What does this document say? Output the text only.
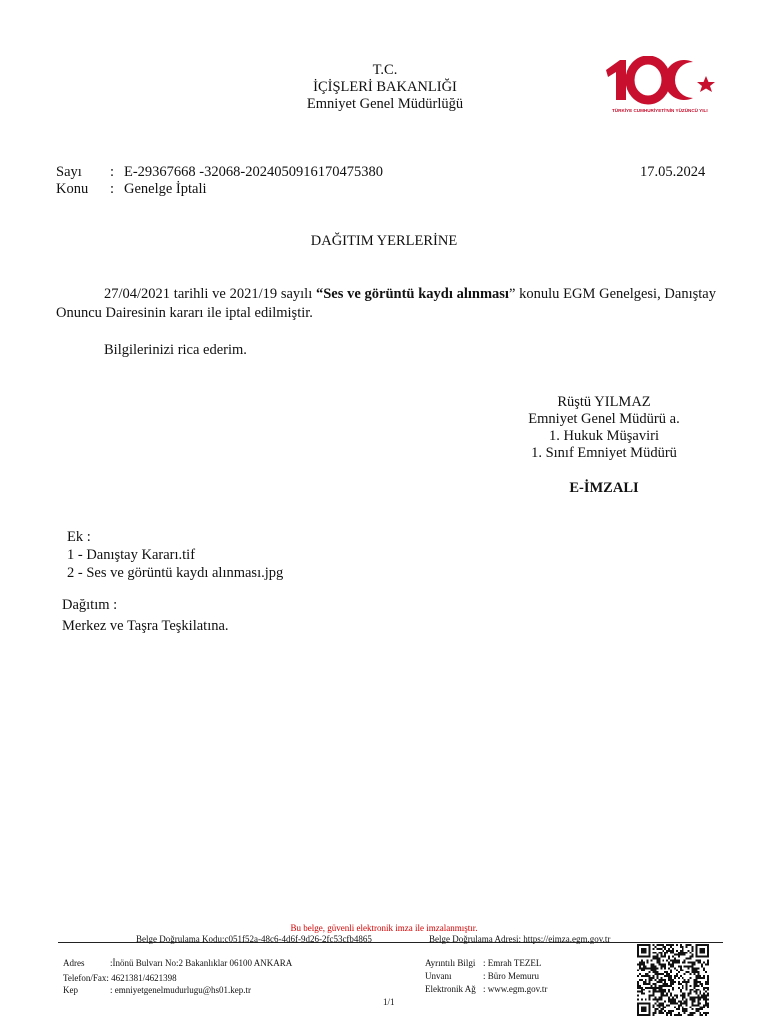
T.C.
İÇİŞLERİ BAKANLIĞI
Emniyet Genel Müdürlüğü	TÜRKİYE CUMHURİYETİ'NİN YÜZÜNCÜ YILI
Sayı	: E-29367668 -32068-2024050916170475380	17.05.2024
Konu	: Genelge İptali
DAĞITIM YERLERİNE
27/04/2021 tarihli ve 2021/19 sayılı “Ses ve görüntü kaydı alınması” konulu EGM Genelgesi, Danıştay Onuncu Dairesinin kararı ile iptal edilmiştir.
Bilgilerinizi rica ederim.
Rüştü YILMAZ
Emniyet Genel Müdürü a.
1. Hukuk Müşaviri
1. Sınıf Emniyet Müdürü
E-İMZALI
Ek :
1 - Danıştay Kararı.tif
2 - Ses ve görüntü kaydı alınması.jpg
Dağıtım :
Merkez ve Taşra Teşkilatına.
Bu belge, güvenli elektronik imza ile imzalanmıştır.
Belge Doğrulama Kodu:c051f52a-48c6-4d6f-9d26-2fc53cfb4865	Belge Doğrulama Adresi: https://eimza.egm.gov.tr
Adres	:İnönü Bulvarı No:2 Bakanlıklar 06100 ANKARA
Telefon/Fax: 4621381/4621398
Kep	: emniyetgenelmudurlugu@hs01.kep.tr
Ayrıntılı Bilgi : Emrah TEZEL
Unvanı	: Büro Memuru
Elektronik Ağ : www.egm.gov.tr
1/1
